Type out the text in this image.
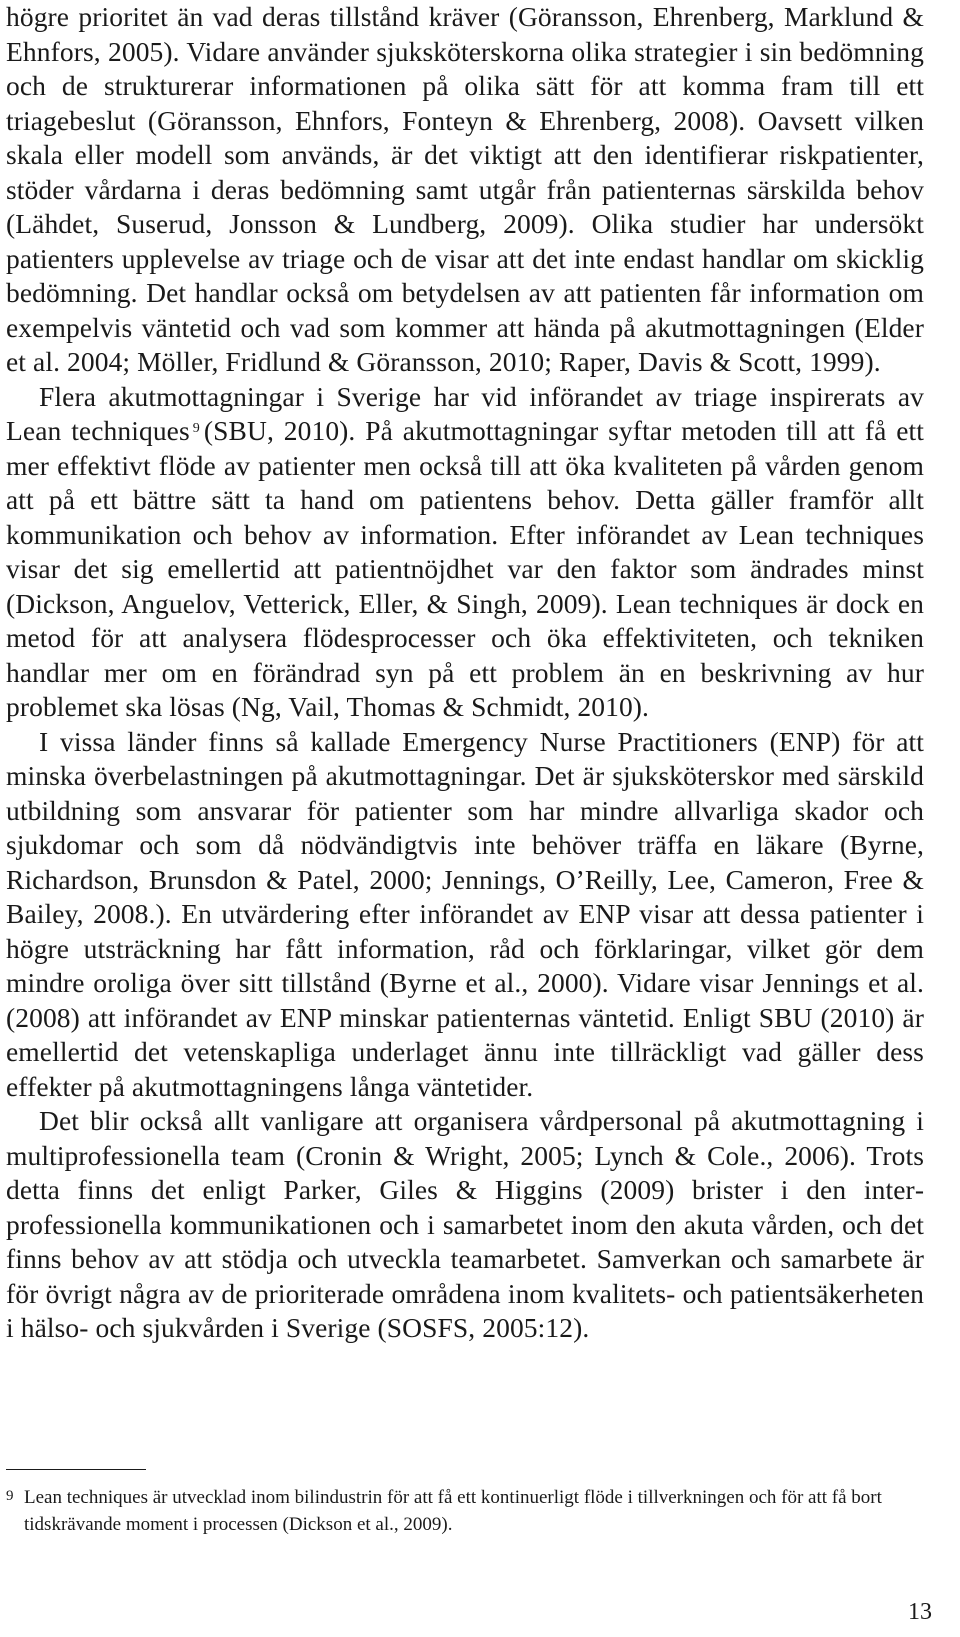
högre prioritet än vad deras tillstånd kräver (Göransson, Ehrenberg, Marklund & Ehnfors, 2005). Vidare använder sjuksköterskorna olika strategier i sin bedömning och de strukturerar informationen på olika sätt för att komma fram till ett triagebeslut (Göransson, Ehnfors, Fonteyn & Ehrenberg, 2008). Oavsett vilken skala eller modell som används, är det viktigt att den identifierar riskpatienter, stöder vårdarna i deras bedömning samt utgår från patienternas särskilda behov (Lähdet, Suserud, Jonsson & Lundberg, 2009). Olika studier har undersökt patienters upplevelse av triage och de visar att det inte endast handlar om skicklig bedömning. Det handlar också om betydelsen av att patienten får information om exempelvis väntetid och vad som kommer att hända på akutmottagningen (Elder et al. 2004; Möller, Fridlund & Göransson, 2010; Raper, Davis & Scott, 1999).

Flera akutmottagningar i Sverige har vid införandet av triage inspirerats av Lean techniques $^9$ (SBU, 2010). På akutmottagningar syftar metoden till att få ett mer effektivt flöde av patienter men också till att öka kvaliteten på vården genom att på ett bättre sätt ta hand om patientens behov. Detta gäller framför allt kommunikation och behov av information. Efter införandet av Lean techniques visar det sig emellertid att patientnöjdhet var den faktor som ändrades minst (Dickson, Anguelov, Vetterick, Eller, & Singh, 2009). Lean techniques är dock en metod för att analysera flödesprocesser och öka effektiviteten, och tekniken handlar mer om en förändrad syn på ett problem än en beskrivning av hur problemet ska lösas (Ng, Vail, Thomas & Schmidt, 2010).

I vissa länder finns så kallade Emergency Nurse Practitioners (ENP) för att minska överbelastningen på akutmottagningar. Det är sjuksköterskor med särskild utbildning som ansvarar för patienter som har mindre allvarliga skador och sjukdomar och som då nödvändigtvis inte behöver träffa en läkare (Byrne, Richardson, Brunsdon & Patel, 2000; Jennings, O’Reilly, Lee, Cameron, Free & Bailey, 2008.). En utvärdering efter införandet av ENP visar att dessa patienter i högre utsträckning har fått information, råd och förklaringar, vilket gör dem mindre oroliga över sitt tillstånd (Byrne et al., 2000). Vidare visar Jennings et al. (2008) att införandet av ENP minskar patienternas väntetid. Enligt SBU (2010) är emellertid det vetenskapliga underlaget ännu inte tillräckligt vad gäller dess effekter på akutmottagningens långa väntetider.

Det blir också allt vanligare att organisera vårdpersonal på akutmottagning i multiprofessionella team (Cronin & Wright, 2005; Lynch & Cole., 2006). Trots detta finns det enligt Parker, Giles & Higgins (2009) brister i den interprofessionella kommunikationen och i samarbetet inom den akuta vården, och det finns behov av att stödja och utveckla teamarbetet. Samverkan och samarbete är för övrigt några av de prioriterade områdena inom kvalitets- och patientsäkerheten i hälso- och sjukvården i Sverige (SOSFS, 2005:12).

9 Lean techniques är utvecklad inom bilindustrin för att få ett kontinuerligt flöde i tillverkningen och för att få bort tidskrävande moment i processen (Dickson et al., 2009).
13
